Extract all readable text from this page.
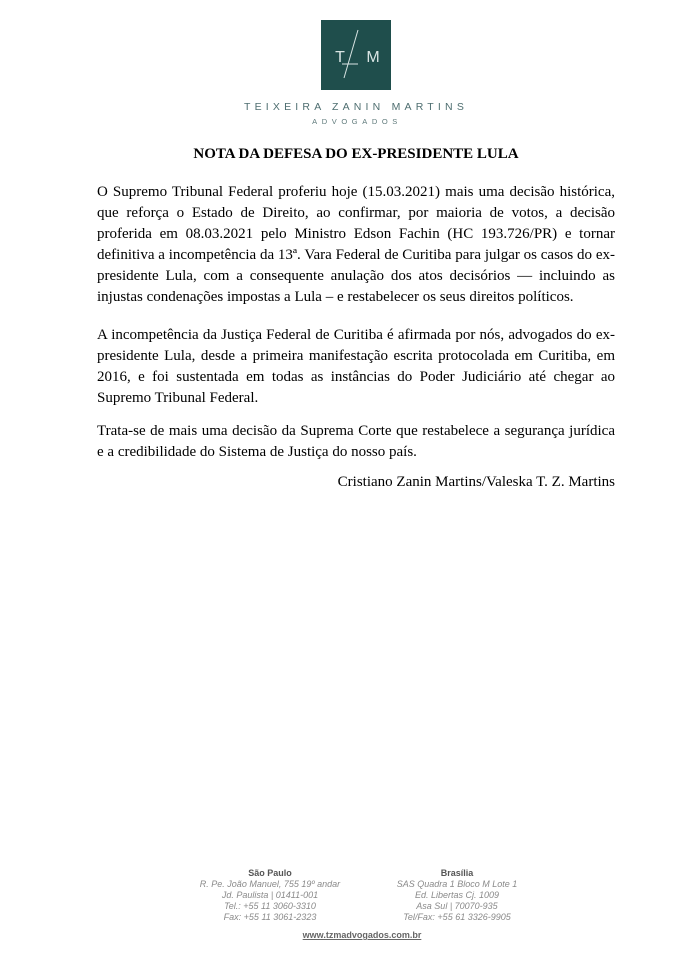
T M
TEIXEIRA ZANIN MARTINS
ADVOGADOS
NOTA DA DEFESA DO EX-PRESIDENTE LULA
O Supremo Tribunal Federal proferiu hoje (15.03.2021) mais uma decisão histórica, que reforça o Estado de Direito, ao confirmar, por maioria de votos, a decisão proferida em 08.03.2021 pelo Ministro Edson Fachin (HC 193.726/PR) e tornar definitiva a incompetência da 13ª. Vara Federal de Curitiba para julgar os casos do ex-presidente Lula, com a consequente anulação dos atos decisórios — incluindo as injustas condenações impostas a Lula – e restabelecer os seus direitos políticos.
A incompetência da Justiça Federal de Curitiba é afirmada por nós, advogados do ex-presidente Lula, desde a primeira manifestação escrita protocolada em Curitiba, em 2016, e foi sustentada em todas as instâncias do Poder Judiciário até chegar ao Supremo Tribunal Federal.
Trata-se de mais uma decisão da Suprema Corte que restabelece a segurança jurídica e a credibilidade do Sistema de Justiça do nosso país.
Cristiano Zanin Martins/Valeska T. Z. Martins
São Paulo
R. Pe. João Manuel, 755 19º andar
Jd. Paulista | 01411-001
Tel.: +55 11 3060-3310
Fax: +55 11 3061-2323
Brasília
SAS Quadra 1 Bloco M Lote 1
Ed. Libertas Cj. 1009
Asa Sul | 70070-935
Tel/Fax: +55 61 3326-9905
www.tzmadvogados.com.br
